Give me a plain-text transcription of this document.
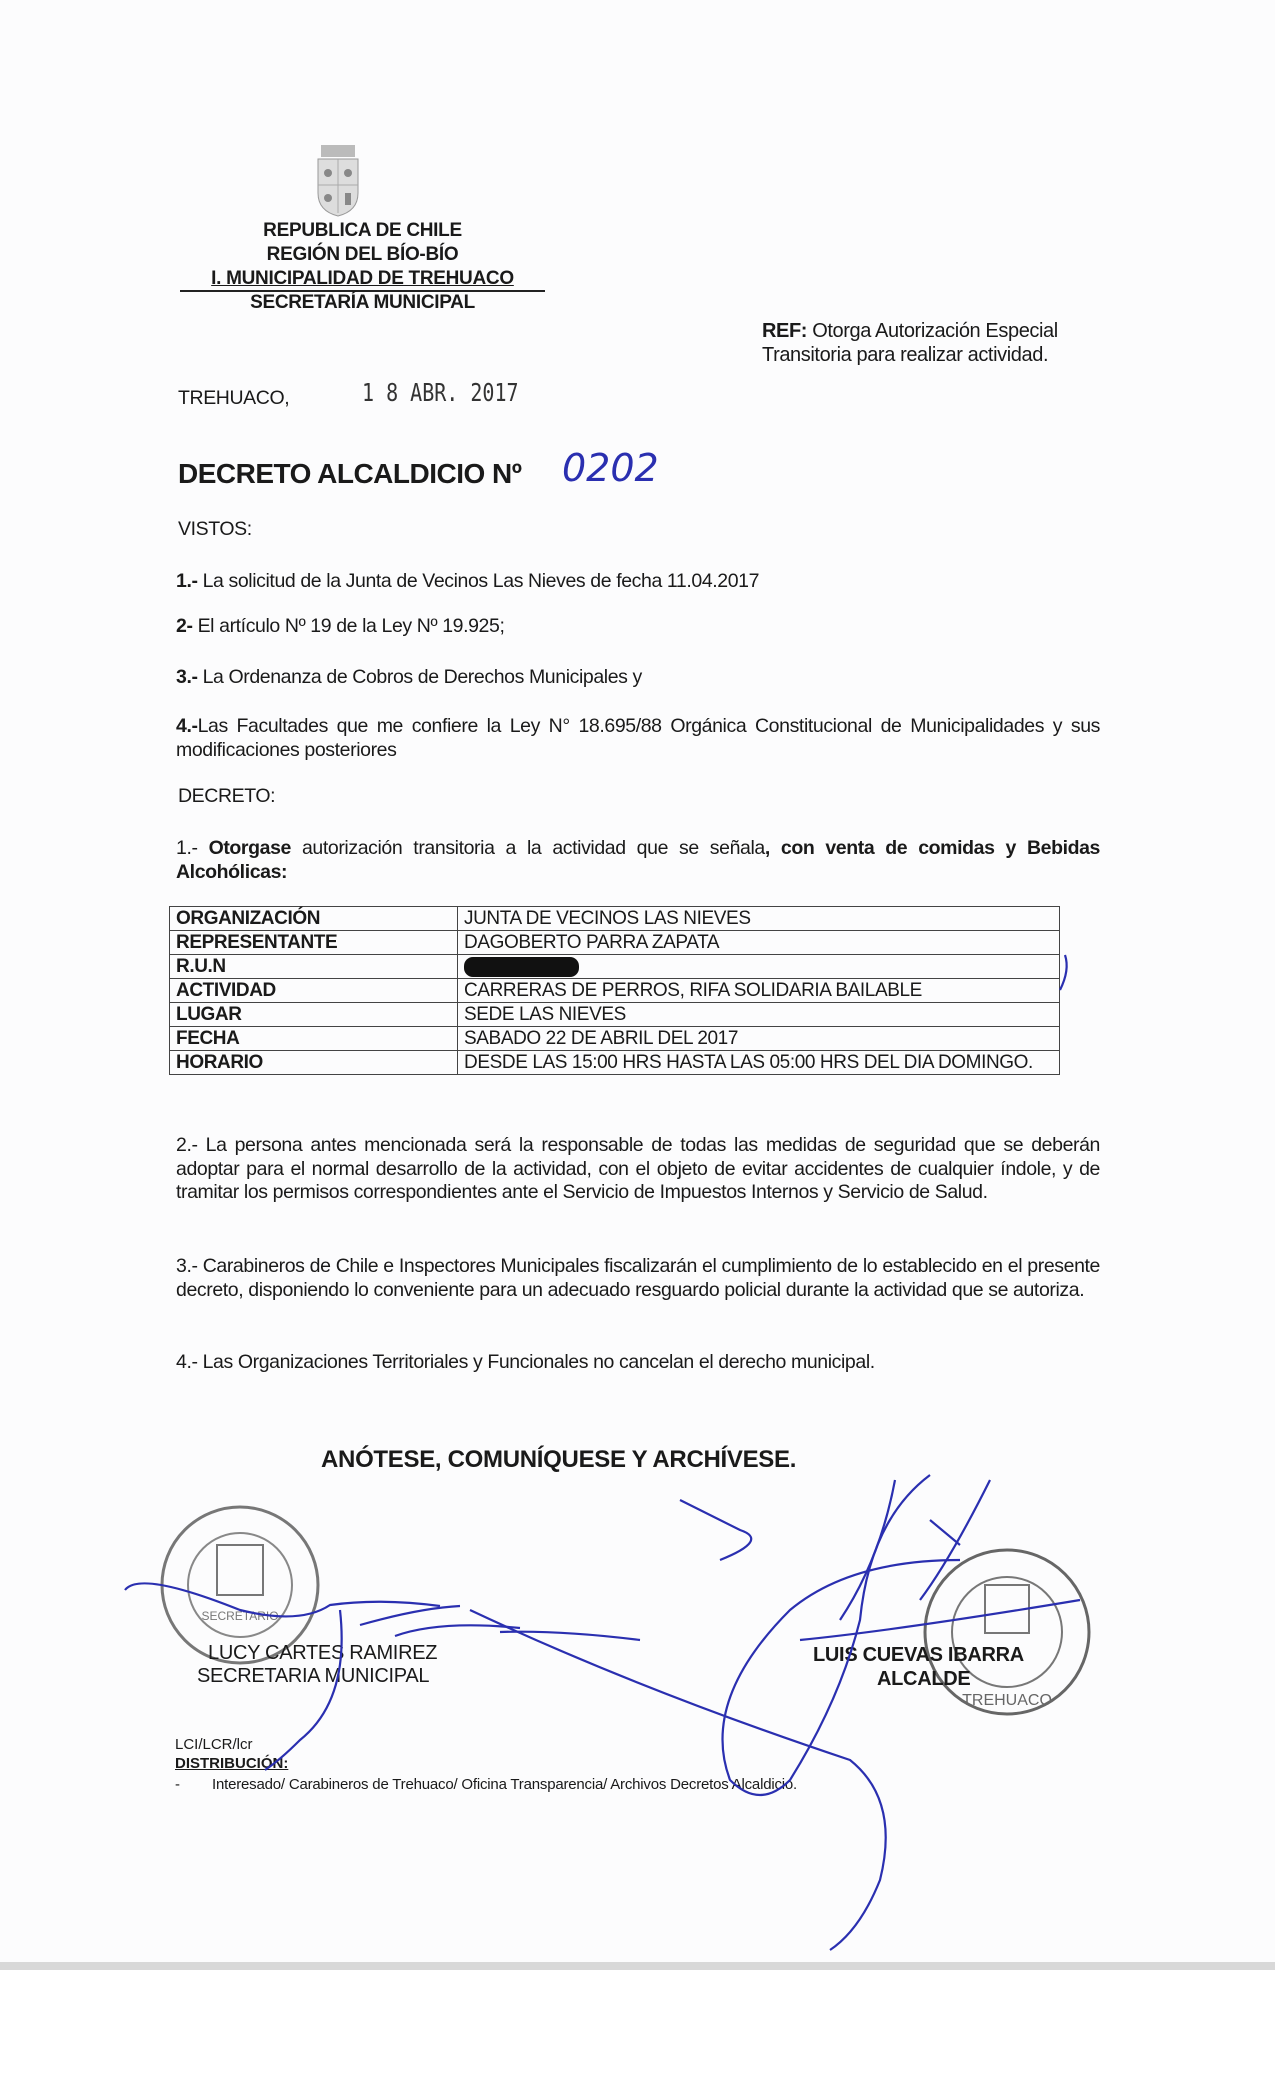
REPUBLICA DE CHILE
REGIÓN DEL BÍO-BÍO
I. MUNICIPALIDAD DE TREHUACO
SECRETARÍA MUNICIPAL
REF: Otorga Autorización Especial
Transitoria para realizar actividad.
TREHUACO,	1 8 ABR. 2017
DECRETO ALCALDICIO Nº 0202
VISTOS:
1.- La solicitud de la Junta de Vecinos Las Nieves de fecha 11.04.2017
2- El artículo Nº 19 de la Ley Nº 19.925;
3.- La Ordenanza de Cobros de Derechos Municipales y
4.-Las Facultades que me confiere la Ley N° 18.695/88 Orgánica Constitucional de Municipalidades y sus modificaciones posteriores
DECRETO:
1.- Otorgase autorización transitoria a la actividad que se señala, con venta de comidas y Bebidas Alcohólicas:
ORGANIZACIÓN	JUNTA DE VECINOS LAS NIEVES
REPRESENTANTE	DAGOBERTO PARRA ZAPATA
R.U.N	
ACTIVIDAD	CARRERAS DE PERROS, RIFA SOLIDARIA BAILABLE
LUGAR	SEDE LAS NIEVES
FECHA	SABADO 22 DE ABRIL DEL 2017
HORARIO	DESDE LAS 15:00 HRS HASTA LAS 05:00 HRS DEL DIA DOMINGO.
2.- La persona antes mencionada será la responsable de todas las medidas de seguridad que se deberán adoptar para el normal desarrollo de la actividad, con el objeto de evitar accidentes de cualquier índole, y de tramitar los permisos correspondientes ante el Servicio de Impuestos Internos y Servicio de Salud.
3.- Carabineros de Chile e Inspectores Municipales fiscalizarán el cumplimiento de lo establecido en el presente decreto, disponiendo lo conveniente para un adecuado resguardo policial durante la actividad que se autoriza.
4.- Las Organizaciones Territoriales y Funcionales no cancelan el derecho municipal.
ANÓTESE, COMUNÍQUESE Y ARCHÍVESE.
SECRETARIO
TREHUACO
LUCY CARTES RAMIREZ
SECRETARIA MUNICIPAL
LUIS CUEVAS IBARRA
ALCALDE
LCI/LCR/lcr
DISTRIBUCIÓN:
- Interesado/ Carabineros de Trehuaco/ Oficina Transparencia/ Archivos Decretos Alcaldicio.
